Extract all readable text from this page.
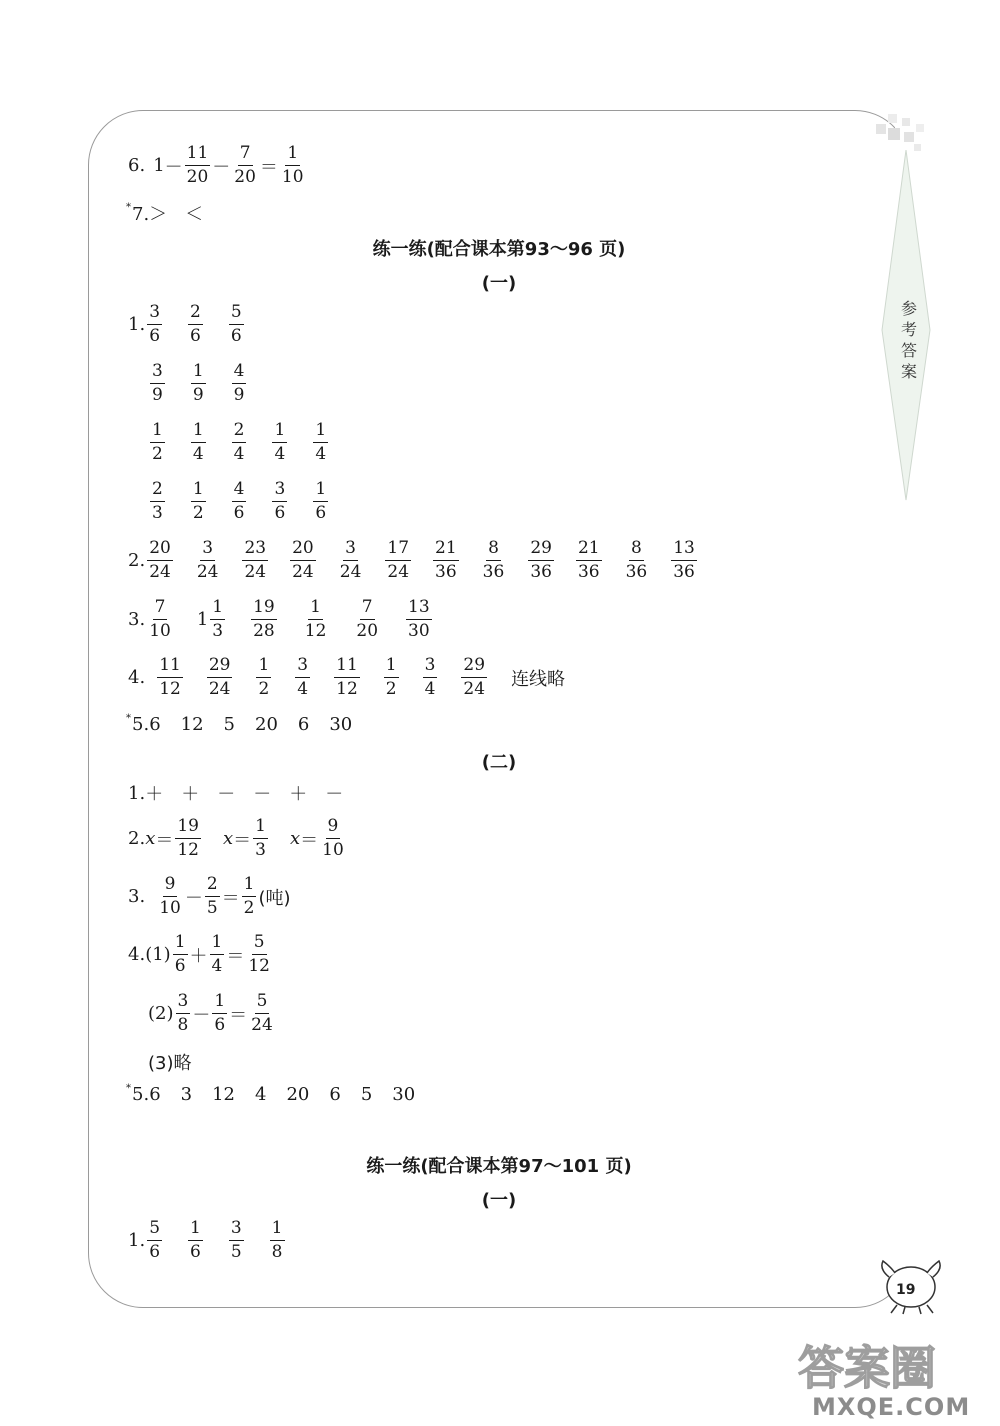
参
考
答
案
6. 1 －
11
20 －
7
20 ＝
1
10
* 7.＞　＜
练一练(配合课本第93～96 页)
(一)
1.
3
6
2
6
5
6
3
9
1
9
4
9
1
2
1
4
2
4
1
4
1
4
2
3
1
2
4
6
3
6
1
6
2.
20
24
3
24
23
24
20
24
3
24
17
24
21
36
8
36
29
36
21
36
8
36
13
36
3.
7
10
1
1
3
19
28
1
12
7
20
13
30
4.
11
12
29
24
1
2
3
4
11
12
1
2
3
4
29
24 连线略
* 5. 6 12 5 20 6 30
(二)
1. ＋ ＋ － － ＋ －
2. x ＝
19
12
x ＝
1
3
x ＝
9
10
3.
9
10 －
2
5 ＝
1
2 (吨)
4. (1)
1
6 ＋
1
4 ＝
5
12
(2)
3
8 －
1
6 ＝
5
24
(3)略
* 5. 6 3 12 4 20 6 5 30
练一练(配合课本第97～101 页)
(一)
1.
5
6
1
6
3
5
1
8
19
答案圈
MXQE.COM
